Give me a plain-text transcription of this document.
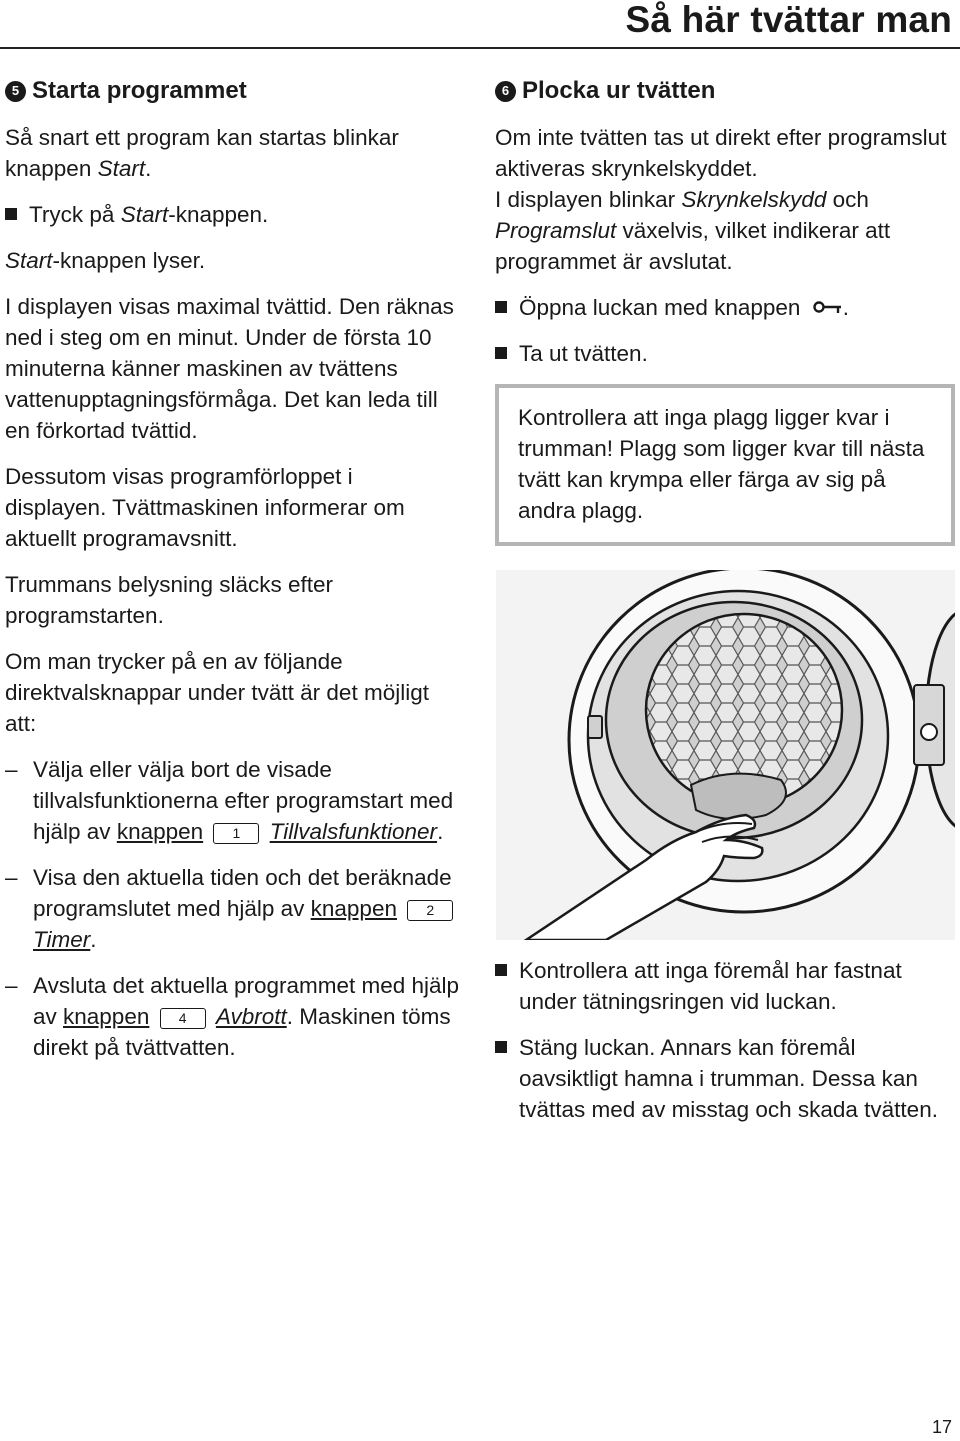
Så här tvättar man
5 Starta programmet

Så snart ett program kan startas blinkar knappen Start.

Tryck på Start-knappen.

Start-knappen lyser.

I displayen visas maximal tvättid. Den räknas ned i steg om en minut. Under de första 10 minuterna känner maskinen av tvättens vattenupptagningsförmåga. Det kan leda till en förkortad tvättid.

Dessutom visas programförloppet i displayen. Tvättmaskinen informerar om aktuellt programavsnitt.

Trummans belysning släcks efter programstarten.

Om man trycker på en av följande direktvalsknappar under tvätt är det möjligt att:

– Välja eller välja bort de visade tillvalsfunktionerna efter programstart med hjälp av knappen 1 Tillvalsfunktioner.
– Visa den aktuella tiden och det beräknade programslutet med hjälp av knappen 2 Timer.
– Avsluta det aktuella programmet med hjälp av knappen 4 Avbrott. Maskinen töms direkt på tvättvatten.
6 Plocka ur tvätten

Om inte tvätten tas ut direkt efter programslut aktiveras skrynkelskyddet.

I displayen blinkar Skrynkelskydd och Programslut växelvis, vilket indikerar att programmet är avslutat.

Öppna luckan med knappen .
Ta ut tvätten.
Kontrollera att inga plagg ligger kvar i trumman! Plagg som ligger kvar till nästa tvätt kan krympa eller färga av sig på andra plagg.
Kontrollera att inga föremål har fastnat under tätningsringen vid luckan.
Stäng luckan. Annars kan föremål oavsiktligt hamna i trumman. Dessa kan tvättas med av misstag och skada tvätten.
17
